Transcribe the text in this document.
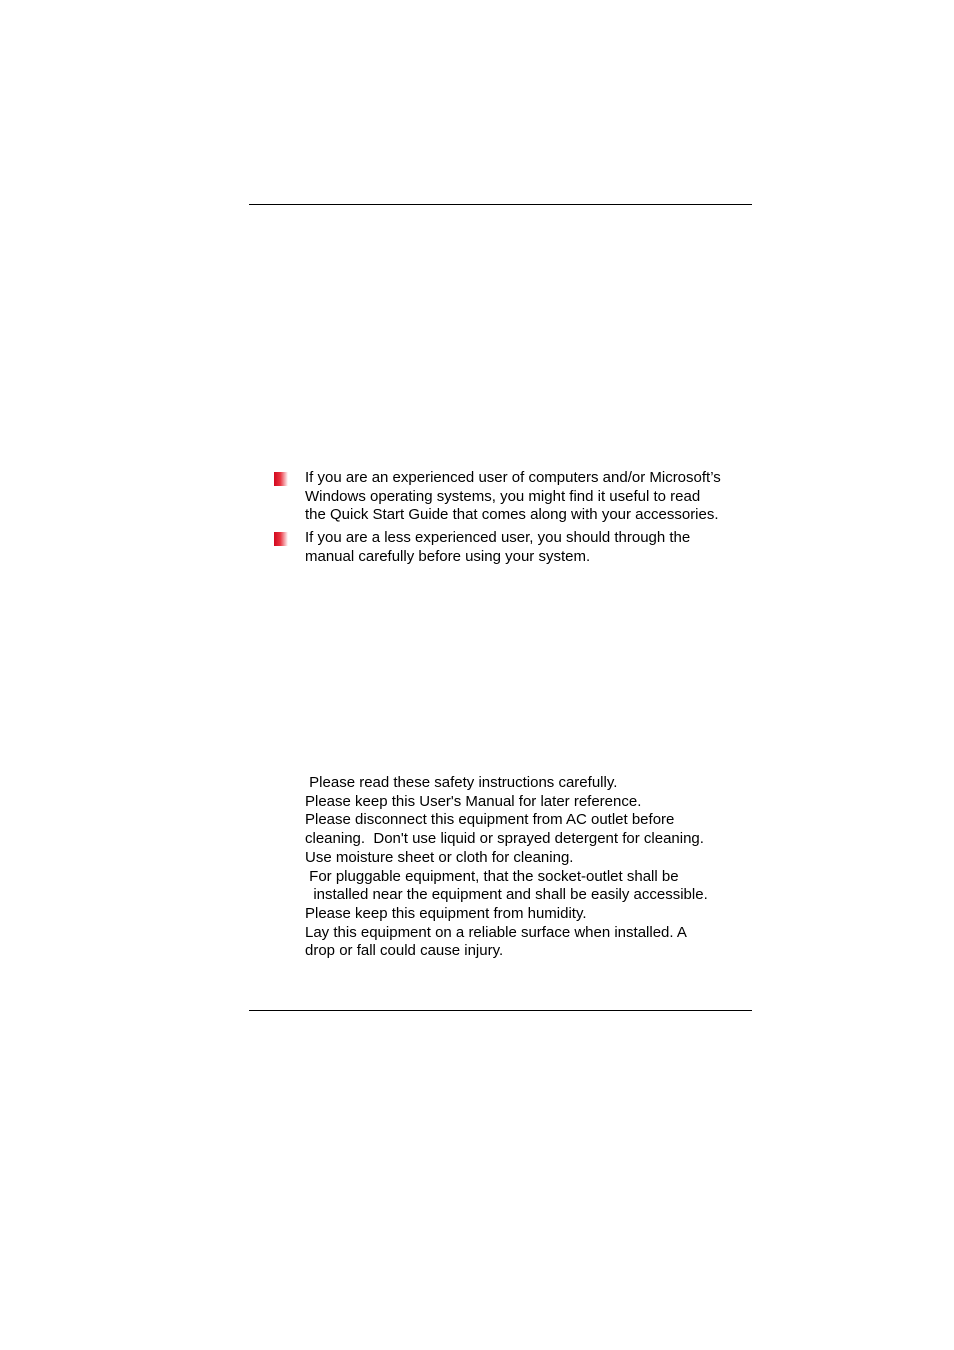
If you are an experienced user of computers and/or Microsoft’s
Windows operating systems, you might find it useful to read
the Quick Start Guide that comes along with your accessories.
If you are a less experienced user, you should through the
manual carefully before using your system.
Please read these safety instructions carefully.
Please keep this User's Manual for later reference.
Please disconnect this equipment from AC outlet before
cleaning.  Don't use liquid or sprayed detergent for cleaning.
Use moisture sheet or cloth for cleaning.
For pluggable equipment, that the socket-outlet shall be
installed near the equipment and shall be easily accessible.
Please keep this equipment from humidity.
Lay this equipment on a reliable surface when installed. A
drop or fall could cause injury.
